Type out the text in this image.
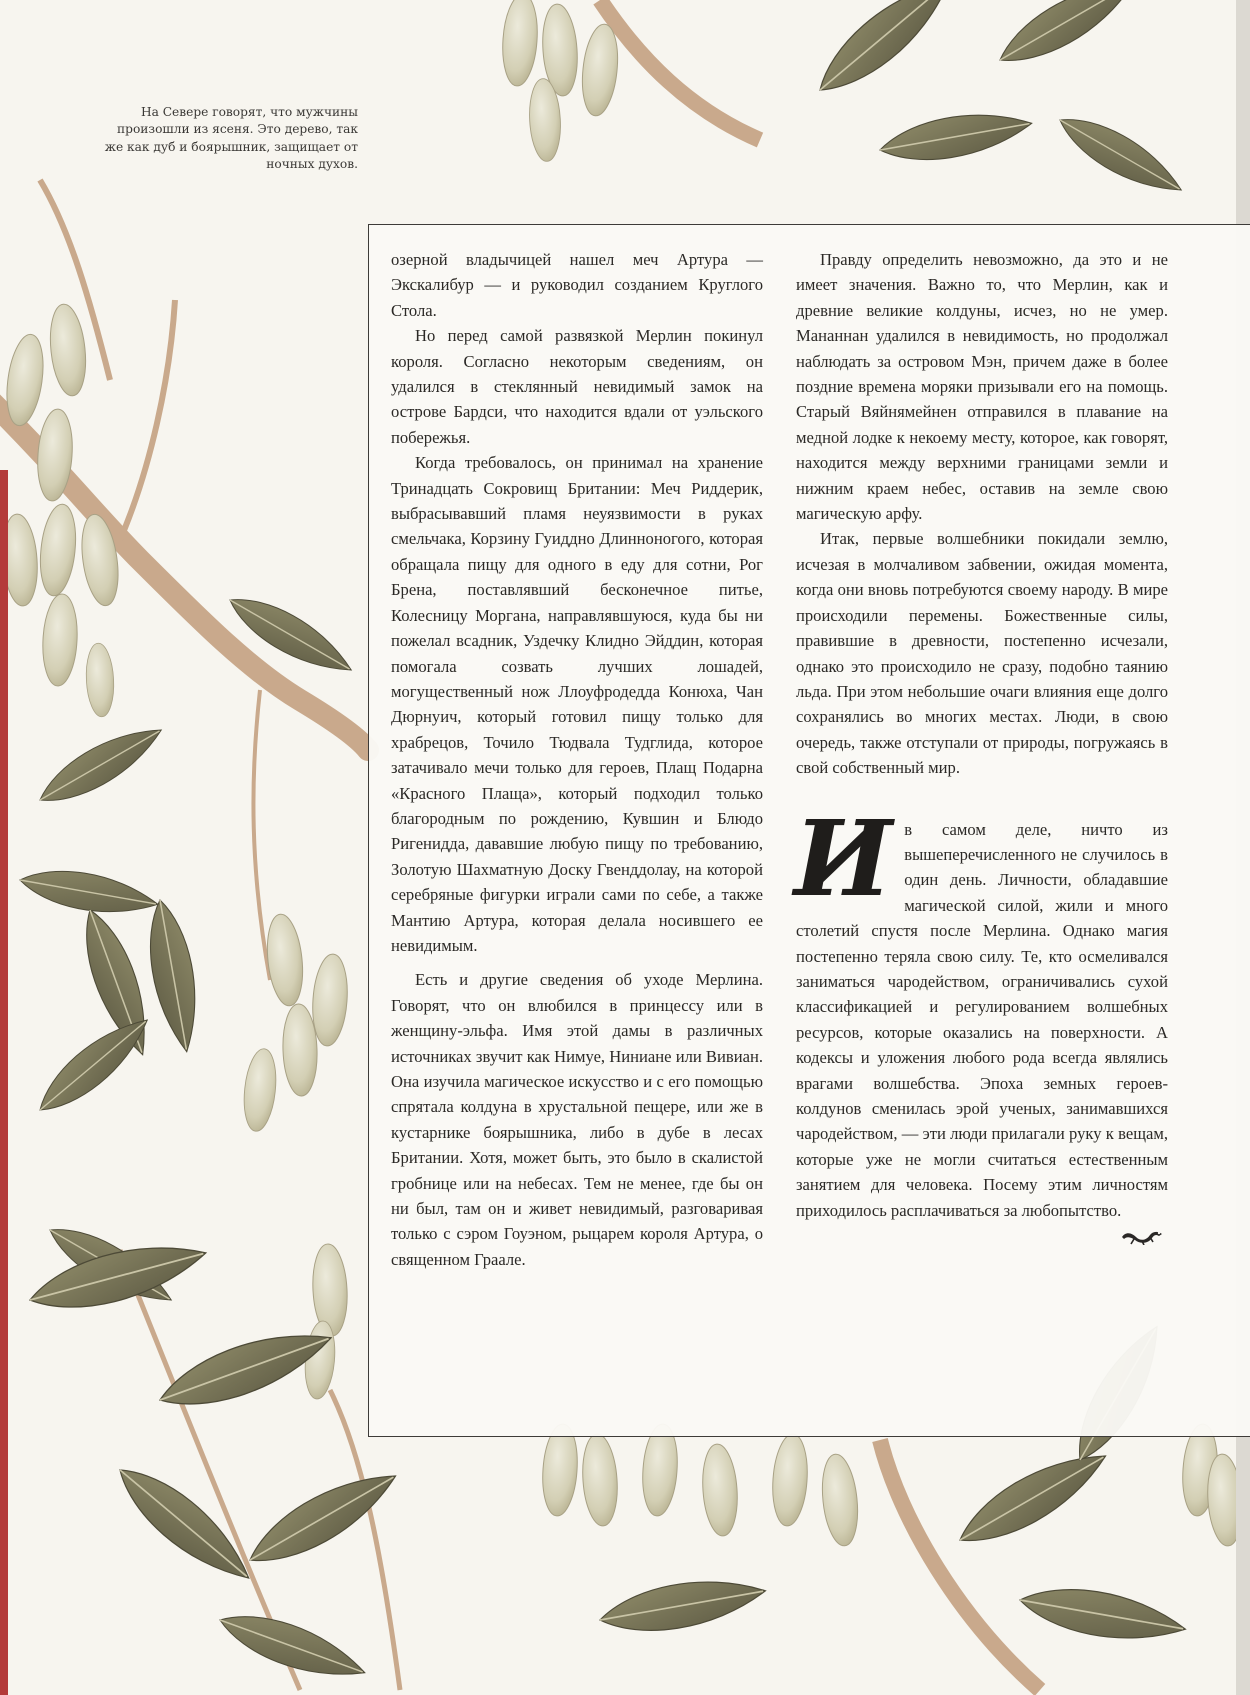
На Севере говорят, что мужчины произошли из ясеня. Это дерево, так же как дуб и боярышник, защищает от ночных духов.

озерной владычицей нашел меч Артура — Экскалибур — и руководил созданием Круглого Стола.

Но перед самой развязкой Мерлин покинул короля. Согласно некоторым сведениям, он удалился в стеклянный невидимый замок на острове Бардси, что находится вдали от уэльского побережья.

Когда требовалось, он принимал на хранение Тринадцать Сокровищ Британии: Меч Риддерик, выбрасывавший пламя неуязвимости в руках смельчака, Корзину Гуиддно Длинноногого, которая обращала пищу для одного в еду для сотни, Рог Брена, поставлявший бесконечное питье, Колесницу Моргана, направлявшуюся, куда бы ни пожелал всадник, Уздечку Клидно Эйддин, которая помогала созвать лучших лошадей, могущественный нож Ллоуфродедда Конюха, Чан Дюрнуич, который готовил пищу только для храбрецов, Точило Тюдвала Тудглида, которое затачивало мечи только для героев, Плащ Подарна «Красного Плаща», который подходил только благородным по рождению, Кувшин и Блюдо Ригенидда, дававшие любую пищу по требованию, Золотую Шахматную Доску Гвенддолау, на которой серебряные фигурки играли сами по себе, а также Мантию Артура, которая делала носившего ее невидимым.

Есть и другие сведения об уходе Мерлина. Говорят, что он влюбился в принцессу или в женщину-эльфа. Имя этой дамы в различных источниках звучит как Нимуе, Ниниане или Вивиан. Она изучила магическое искусство и с его помощью спрятала колдуна в хрустальной пещере, или же в кустарнике боярышника, либо в дубе в лесах Британии. Хотя, может быть, это было в скалистой гробнице или на небесах. Тем не менее, где бы он ни был, там он и живет невидимый, разговаривая только с сэром Гоуэном, рыцарем короля Артура, о священном Граале.

Правду определить невозможно, да это и не имеет значения. Важно то, что Мерлин, как и древние великие колдуны, исчез, но не умер. Мананнан удалился в невидимость, но продолжал наблюдать за островом Мэн, причем даже в более поздние времена моряки призывали его на помощь. Старый Вяйнямейнен отправился в плавание на медной лодке к некоему месту, которое, как говорят, находится между верхними границами земли и нижним краем небес, оставив на земле свою магическую арфу.

Итак, первые волшебники покидали землю, исчезая в молчаливом забвении, ожидая момента, когда они вновь потребуются своему народу. В мире происходили перемены. Божественные силы, правившие в древности, постепенно исчезали, однако это происходило не сразу, подобно таянию льда. При этом небольшие очаги влияния еще долго сохранялись во многих местах. Люди, в свою очередь, также отступали от природы, погружаясь в свой собственный мир.

И в самом деле, ничто из вышеперечисленного не случилось в один день. Личности, обладавшие магической силой, жили и много столетий спустя после Мерлина. Однако магия постепенно теряла свою силу. Те, кто осмеливался заниматься чародейством, ограничивались сухой классификацией и регулированием волшебных ресурсов, которые оказались на поверхности. А кодексы и уложения любого рода всегда являлись врагами волшебства. Эпоха земных героев-колдунов сменилась эрой ученых, занимавшихся чародейством, — эти люди прилагали руку к вещам, которые уже не могли считаться естественным занятием для человека. Посему этим личностям приходилось расплачиваться за любопытство.
